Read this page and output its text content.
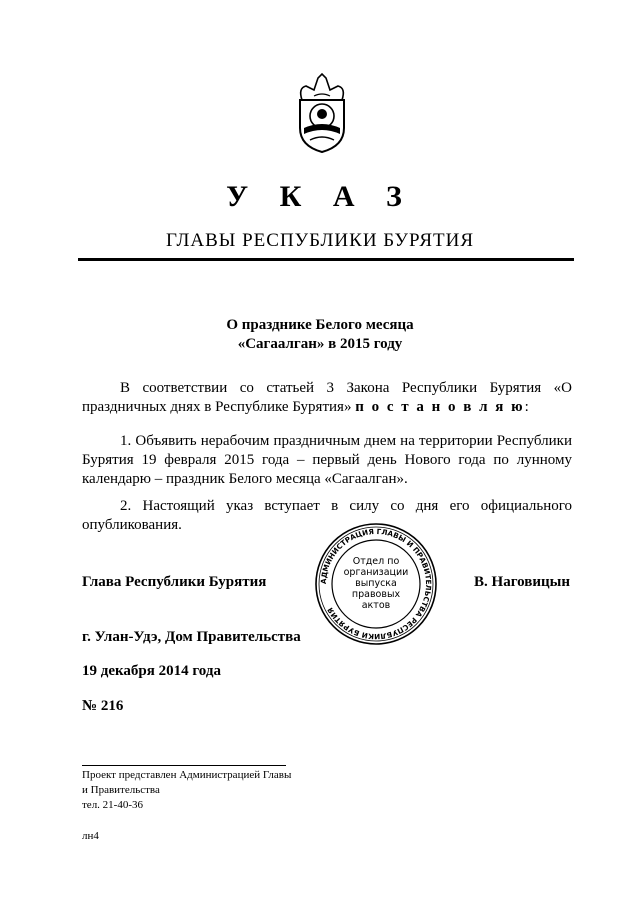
У К А З
ГЛАВЫ РЕСПУБЛИКИ БУРЯТИЯ
О празднике Белого месяца
«Сагаалган» в 2015 году
В соответствии со статьей 3 Закона Республики Бурятия «О праздничных днях в Республике Бурятия» п о с т а н о в л я ю:
1. Объявить нерабочим праздничным днем на территории Республики Бурятия 19 февраля 2015 года – первый день Нового года по лунному календарю – праздник Белого месяца «Сагаалган».
2. Настоящий указ вступает в силу со дня его официального опубликования.
АДМИНИСТРАЦИЯ ГЛАВЫ И ПРАВИТЕЛЬСТВА РЕСПУБЛИКИ БУРЯТИЯ
Отдел по
организации
выпуска
правовых
актов
Глава Республики Бурятия	В. Наговицын
г. Улан-Удэ, Дом Правительства
19 декабря 2014 года
№ 216
Проект представлен Администрацией Главы
и Правительства
тел. 21-40-36
лн4
